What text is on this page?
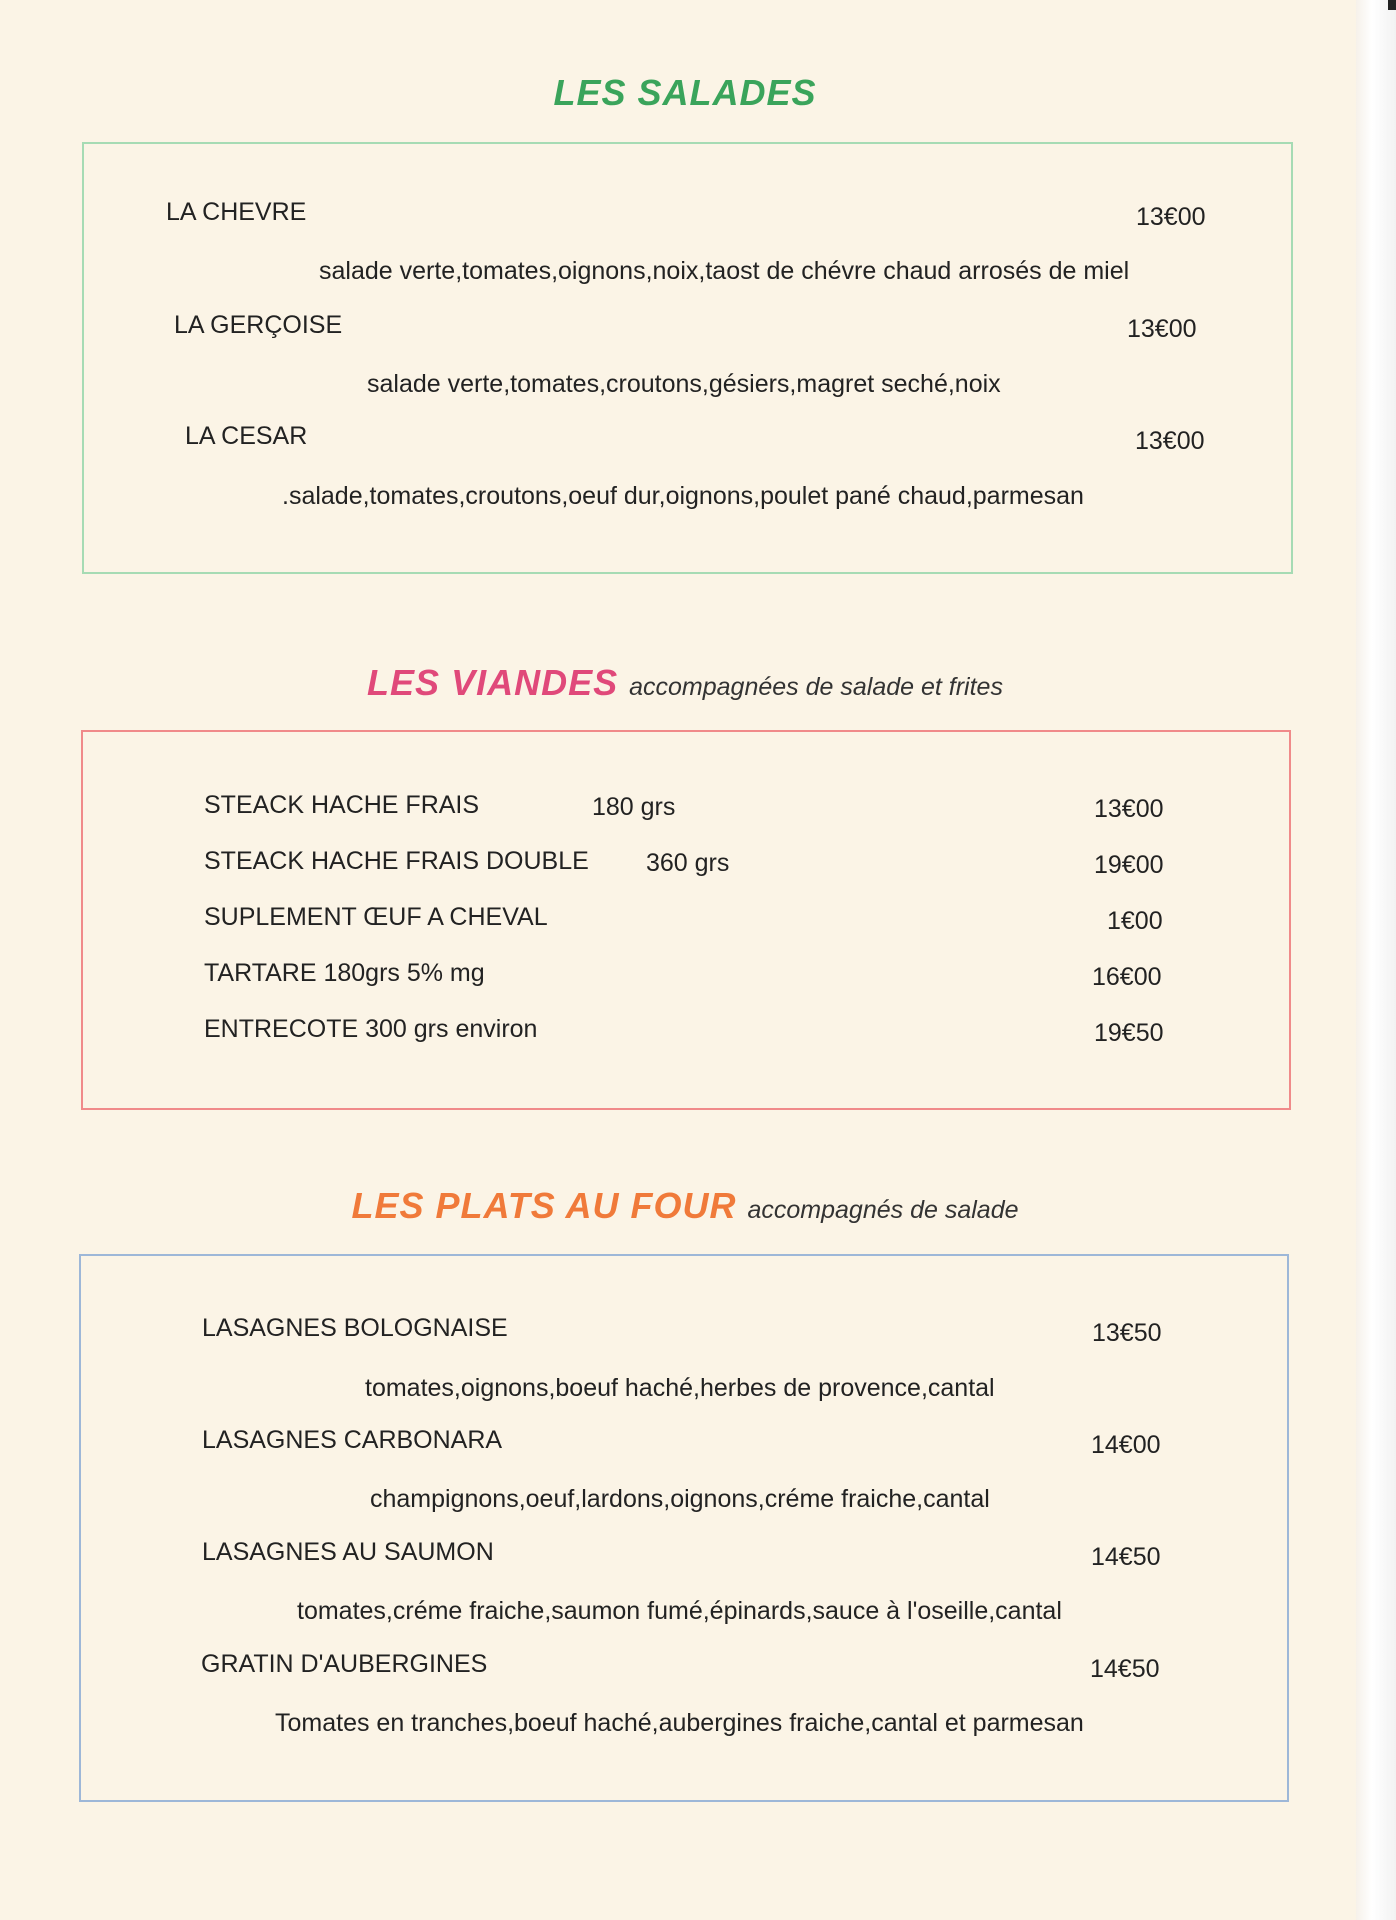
LES SALADES
LA CHEVRE	13€00
salade verte,tomates,oignons,noix,taost de chévre chaud arrosés de miel
LA GERÇOISE	13€00
salade verte,tomates,croutons,gésiers,magret seché,noix
LA CESAR	13€00
.salade,tomates,croutons,oeuf dur,oignons,poulet pané chaud,parmesan
LES VIANDES accompagnées de salade et frites
STEACK HACHE FRAIS	180 grs	13€00
STEACK HACHE FRAIS DOUBLE 360 grs	19€00
SUPLEMENT ŒUF A CHEVAL	1€00
TARTARE 180grs 5% mg	16€00
ENTRECOTE 300 grs environ	19€50
LES PLATS AU FOUR accompagnés de salade
LASAGNES BOLOGNAISE	13€50
tomates,oignons,boeuf haché,herbes de provence,cantal
LASAGNES CARBONARA	14€00
champignons,oeuf,lardons,oignons,créme fraiche,cantal
LASAGNES AU SAUMON	14€50
tomates,créme fraiche,saumon fumé,épinards,sauce à l'oseille,cantal
GRATIN D'AUBERGINES	14€50
Tomates en tranches,boeuf haché,aubergines fraiche,cantal et parmesan
